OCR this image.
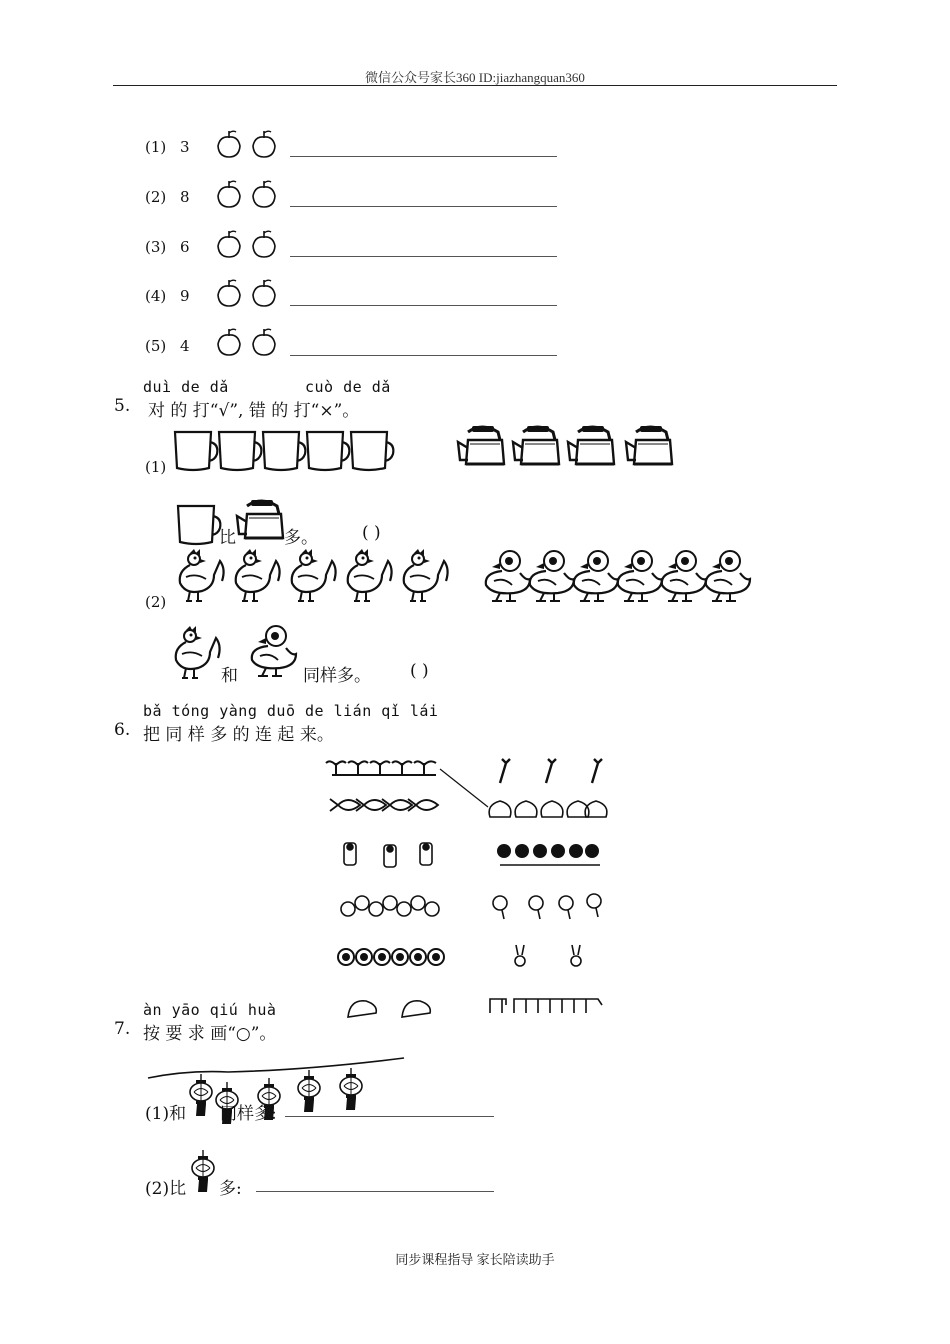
微信公众号家长360 ID:jiazhangquan360
(1) 3
(2) 8
(3) 6
(4) 9
(5) 4
duì de dǎ	cuò de dǎ
5. 对 的 打“√”, 错 的 打“×”。
(1)
比	多。	( )
(2)
和	同样多。 ( )
bǎ tóng yàng duō de lián qǐ lái
6. 把 同 样 多 的 连 起 来。
àn yāo qiú huà
7. 按 要 求 画“○”。
(1)和 同样多:
(2)比 多:
同步课程指导 家长陪读助手
